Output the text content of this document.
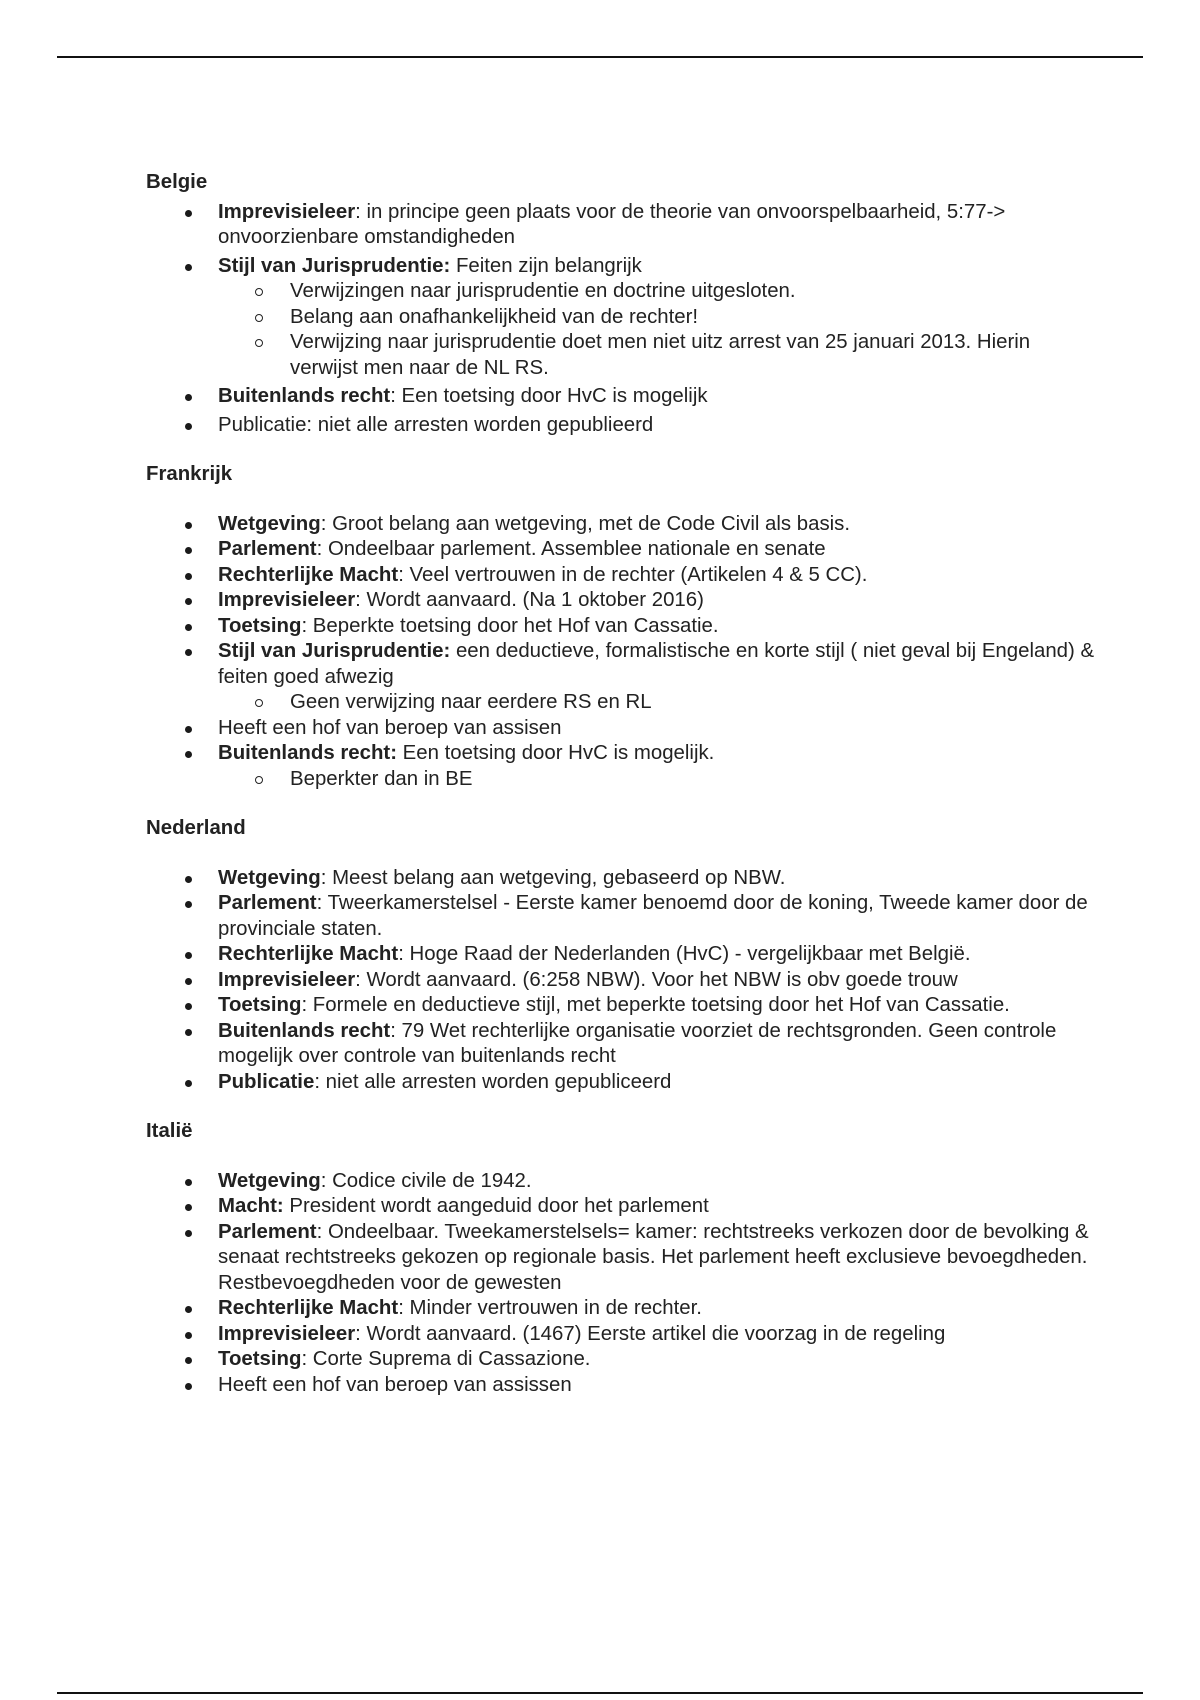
Belgie

Imprevisieleer: in principe geen plaats voor de theorie van onvoorspelbaarheid, 5:77-> onvoorzienbare omstandigheden
Stijl van Jurisprudentie: Feiten zijn belangrijk
Verwijzingen naar jurisprudentie en doctrine uitgesloten.
Belang aan onafhankelijkheid van de rechter!
Verwijzing naar jurisprudentie doet men niet uitz arrest van 25 januari 2013. Hierin verwijst men naar de NL RS.
Buitenlands recht: Een toetsing door HvC is mogelijk
Publicatie: niet alle arresten worden gepublieerd

Frankrijk

Wetgeving: Groot belang aan wetgeving, met de Code Civil als basis.
Parlement: Ondeelbaar parlement. Assemblee nationale en senate
Rechterlijke Macht: Veel vertrouwen in de rechter (Artikelen 4 & 5 CC).
Imprevisieleer: Wordt aanvaard. (Na 1 oktober 2016)
Toetsing: Beperkte toetsing door het Hof van Cassatie.
Stijl van Jurisprudentie: een deductieve, formalistische en korte stijl ( niet geval bij Engeland) & feiten goed afwezig
Geen verwijzing naar eerdere RS en RL
Heeft een hof van beroep van assisen
Buitenlands recht: Een toetsing door HvC is mogelijk.
Beperkter dan in BE

Nederland

Wetgeving: Meest belang aan wetgeving, gebaseerd op NBW.
Parlement: Tweerkamerstelsel - Eerste kamer benoemd door de koning, Tweede kamer door de provinciale staten.
Rechterlijke Macht: Hoge Raad der Nederlanden (HvC) - vergelijkbaar met België.
Imprevisieleer: Wordt aanvaard. (6:258 NBW). Voor het NBW is obv goede trouw
Toetsing: Formele en deductieve stijl, met beperkte toetsing door het Hof van Cassatie.
Buitenlands recht: 79 Wet rechterlijke organisatie voorziet de rechtsgronden. Geen controle mogelijk over controle van buitenlands recht
Publicatie: niet alle arresten worden gepubliceerd

Italië

Wetgeving: Codice civile de 1942.
Macht: President wordt aangeduid door het parlement
Parlement: Ondeelbaar. Tweekamerstelsels= kamer: rechtstreeks verkozen door de bevolking & senaat rechtstreeks gekozen op regionale basis. Het parlement heeft exclusieve bevoegdheden. Restbevoegdheden voor de gewesten
Rechterlijke Macht: Minder vertrouwen in de rechter.
Imprevisieleer: Wordt aanvaard. (1467) Eerste artikel die voorzag in de regeling
Toetsing: Corte Suprema di Cassazione.
Heeft een hof van beroep van assissen
